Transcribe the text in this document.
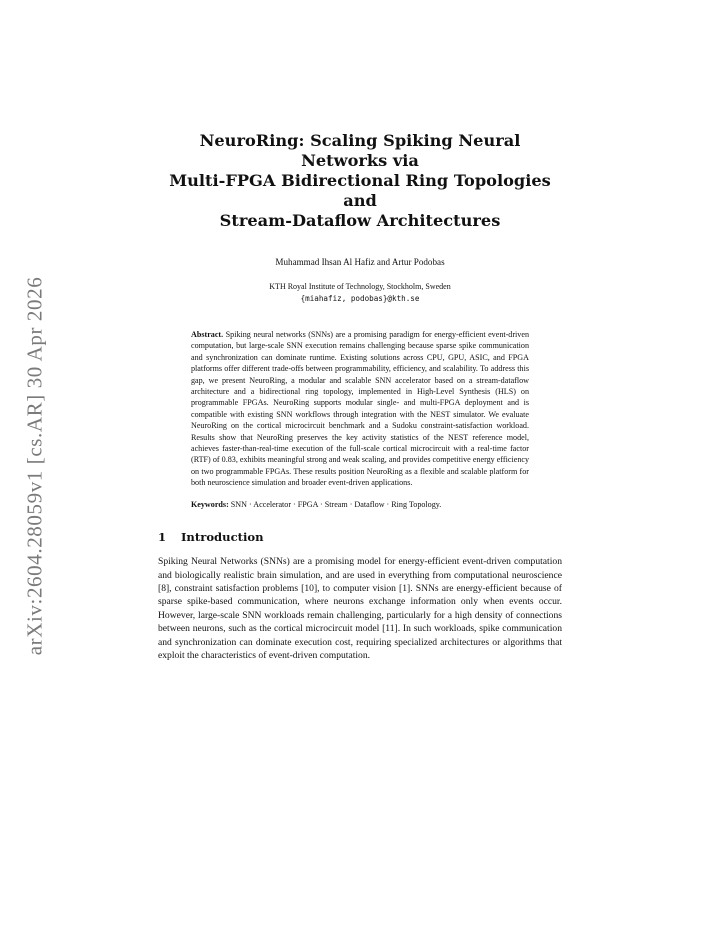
arXiv:2604.28059v1 [cs.AR] 30 Apr 2026
NeuroRing: Scaling Spiking Neural Networks via
Multi-FPGA Bidirectional Ring Topologies and
Stream-Dataflow Architectures
Muhammad Ihsan Al Hafiz and Artur Podobas
KTH Royal Institute of Technology, Stockholm, Sweden
{miahafiz, podobas}@kth.se
Abstract. Spiking neural networks (SNNs) are a promising paradigm for energy-efficient event-driven computation, but large-scale SNN execution remains challenging because sparse spike communication and synchronization can dominate runtime. Existing solutions across CPU, GPU, ASIC, and FPGA platforms offer different trade-offs between programmability, efficiency, and scalability. To address this gap, we present NeuroRing, a modular and scalable SNN accelerator based on a stream-dataflow architecture and a bidirectional ring topology, implemented in High-Level Synthesis (HLS) on programmable FPGAs. NeuroRing supports modular single- and multi-FPGA deployment and is compatible with existing SNN workflows through integration with the NEST simulator. We evaluate NeuroRing on the cortical microcircuit benchmark and a Sudoku constraint-satisfaction workload. Results show that NeuroRing preserves the key activity statistics of the NEST reference model, achieves faster-than-real-time execution of the full-scale cortical microcircuit with a real-time factor (RTF) of 0.83, exhibits meaningful strong and weak scaling, and provides competitive energy efficiency on two programmable FPGAs. These results position NeuroRing as a flexible and scalable platform for both neuroscience simulation and broader event-driven applications.
Keywords: SNN · Accelerator · FPGA · Stream · Dataflow · Ring Topology.
1 Introduction
Spiking Neural Networks (SNNs) are a promising model for energy-efficient event-driven computation and biologically realistic brain simulation, and are used in everything from computational neuroscience [8], constraint satisfaction problems [10], to computer vision [1]. SNNs are energy-efficient because of sparse spike-based communication, where neurons exchange information only when events occur. However, large-scale SNN workloads remain challenging, particularly for a high density of connections between neurons, such as the cortical microcircuit model [11]. In such workloads, spike communication and synchronization can dominate execution cost, requiring specialized architectures or algorithms that exploit the characteristics of event-driven computation.
